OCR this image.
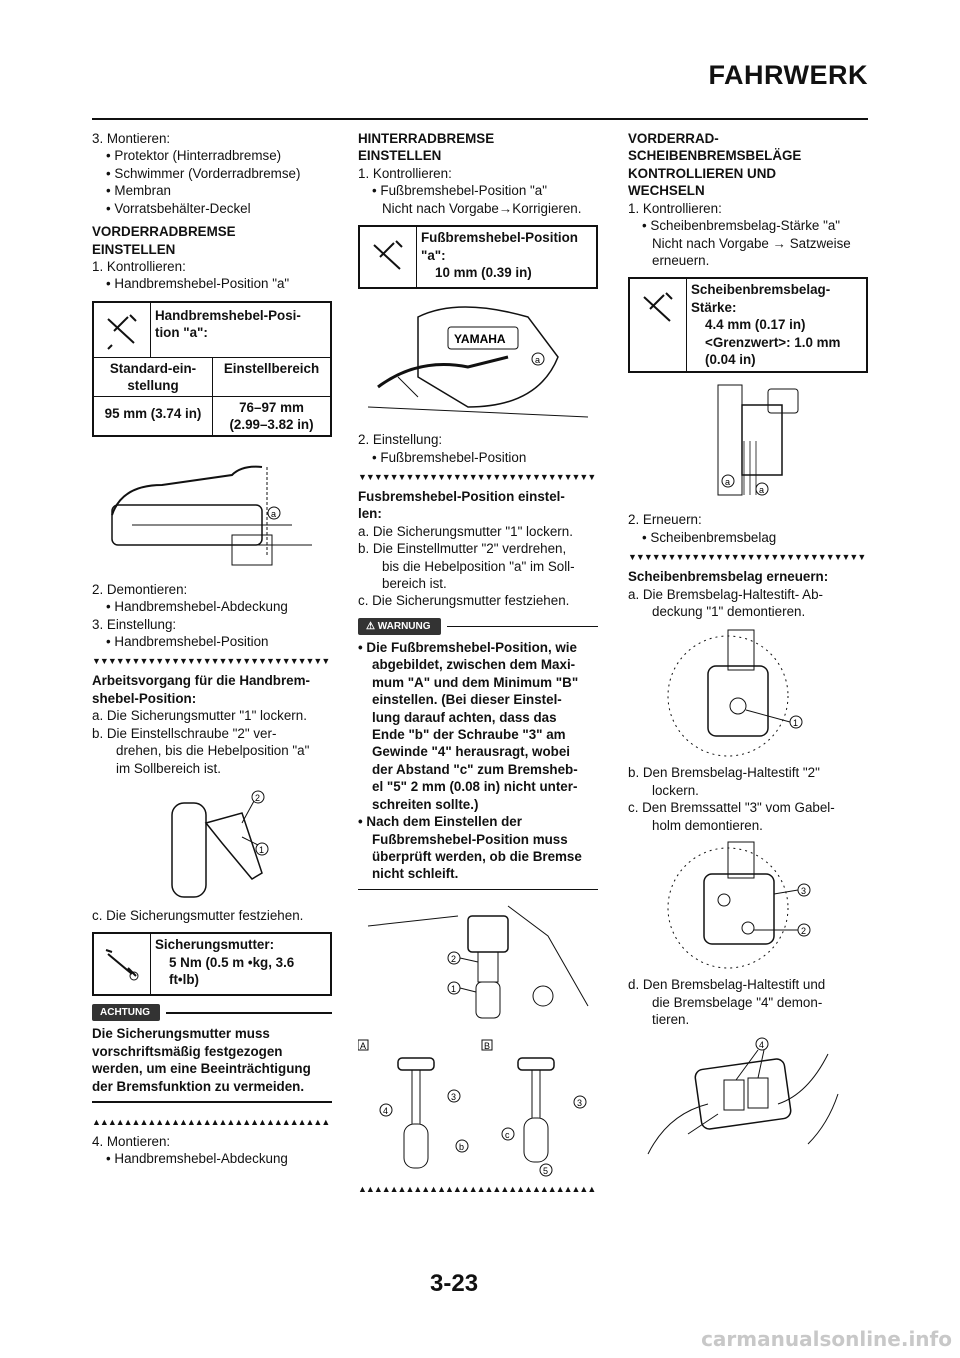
FAHRWERK

3. Montieren:

• Protektor (Hinterradbremse)

• Schwimmer (Vorderradbremse)

• Membran

• Vorratsbehälter-Deckel

VORDERRADBREMSE

EINSTELLEN

1. Kontrollieren:

• Handbremshebel-Position "a"

Handbremshebel-Posi-

tion "a":

Standard-ein-

stellung

Einstellbereich
95 mm (3.74 in)	76–97 mm

(2.99–3.82 in)

a

2. Demontieren:

• Handbremshebel-Abdeckung

3. Einstellung:

• Handbremshebel-Position

▼▼▼▼▼▼▼▼▼▼▼▼▼▼▼▼▼▼▼▼▼▼▼▼▼▼▼▼▼▼

Arbeitsvorgang für die Handbrem-

shebel-Position:

a. Die Sicherungsmutter "1" lockern.

b. Die Einstellschraube "2" ver-

drehen, bis die Hebelposition "a"

im Sollbereich ist.

2
1

c. Die Sicherungsmutter festziehen.

Sicherungsmutter:

5 Nm (0.5 m •kg, 3.6

ft•lb)

ACHTUNG

Die Sicherungsmutter muss

vorschriftsmäßig festgezogen

werden, um eine Beeinträchtigung

der Bremsfunktion zu vermeiden.

▲▲▲▲▲▲▲▲▲▲▲▲▲▲▲▲▲▲▲▲▲▲▲▲▲▲▲▲▲▲

4. Montieren:

• Handbremshebel-Abdeckung

HINTERRADBREMSE

EINSTELLEN

1. Kontrollieren:

• Fußbremshebel-Position "a"

Nicht nach Vorgabe→Korrigieren.

Fußbremshebel-Position

"a":

10 mm (0.39 in)

YAMAHA
a

2. Einstellung:

• Fußbremshebel-Position

▼▼▼▼▼▼▼▼▼▼▼▼▼▼▼▼▼▼▼▼▼▼▼▼▼▼▼▼▼▼

Fusbremshebel-Position einstel-

len:

a. Die Sicherungsmutter "1" lockern.

b. Die Einstellmutter "2" verdrehen,

bis die Hebelposition "a" im Soll-

bereich ist.

c. Die Sicherungsmutter festziehen.

⚠ WARNUNG

• Die Fußbremshebel-Position, wie

abgebildet, zwischen dem Maxi-

mum "A" und dem Minimum "B"

einstellen. (Bei dieser Einstel-

lung darauf achten, dass das

Ende "b" der Schraube "3" am

Gewinde "4" herausragt, wobei

der Abstand "c" zum Bremsheb-

el "5" 2 mm (0.08 in) nicht unter-

schreiten sollte.)

• Nach dem Einstellen der

Fußbremshebel-Position muss

überprüft werden, ob die Bremse

nicht schleift.

2
1
A	B
3
4
b
3
c
5
▲▲▲▲▲▲▲▲▲▲▲▲▲▲▲▲▲▲▲▲▲▲▲▲▲▲▲▲▲▲

VORDERRAD-

SCHEIBENBREMSBELÄGE

KONTROLLIEREN UND

WECHSELN

1. Kontrollieren:

• Scheibenbremsbelag-Stärke "a"

Nicht nach Vorgabe → Satzweise

erneuern.

Scheibenbremsbelag-

Stärke:

4.4 mm (0.17 in)

<Grenzwert>: 1.0 mm

(0.04 in)

a
a

2. Erneuern:

• Scheibenbremsbelag

▼▼▼▼▼▼▼▼▼▼▼▼▼▼▼▼▼▼▼▼▼▼▼▼▼▼▼▼▼▼

Scheibenbremsbelag erneuern:

a. Die Bremsbelag-Haltestift- Ab-

deckung "1" demontieren.

1

b. Den Bremsbelag-Haltestift "2"

lockern.

c. Den Bremssattel "3" vom Gabel-

holm demontieren.

3
2

d. Den Bremsbelag-Haltestift und

die Bremsbelage "4" demon-

tieren.

4
3-23
carmanualsonline.info
